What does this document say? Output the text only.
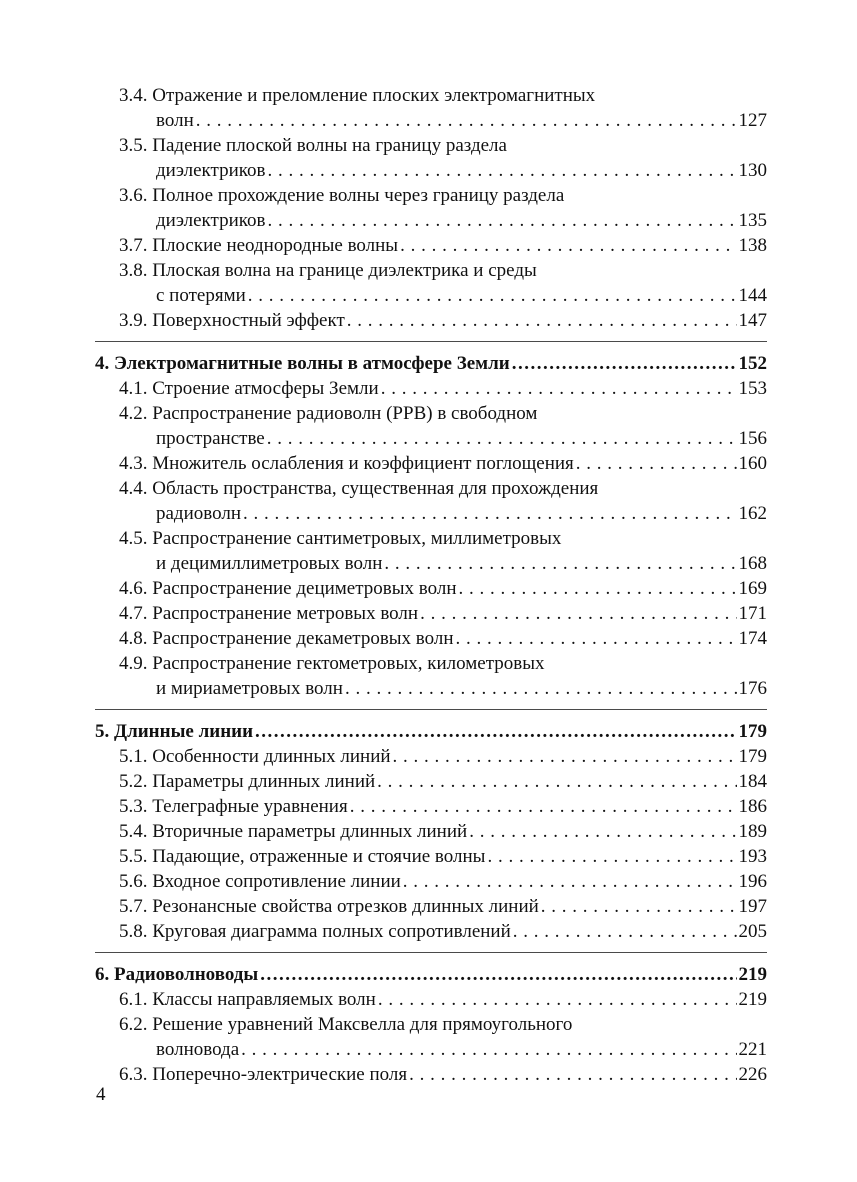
3.4. Отражение и преломление плоских электромагнитных
волн . . .	127
3.5. Падение плоской волны на границу раздела
диэлектриков . . .	130
3.6. Полное прохождение волны через границу раздела
диэлектриков . . .	135
3.7. Плоские неоднородные волны . . .	138
3.8. Плоская волна на границе диэлектрика и среды
с потерями . . .	144
3.9. Поверхностный эффект . . .	147
4. Электромагнитные волны в атмосфере Земли .....	152
4.1. Строение атмосферы Земли . . .	153
4.2. Распространение радиоволн (РРВ) в свободном
пространстве . . .	156
4.3. Множитель ослабления и коэффициент поглощения . . .	160
4.4. Область пространства, существенная для прохождения
радиоволн . . .	162
4.5. Распространение сантиметровых, миллиметровых
и децимиллиметровых волн . . .	168
4.6. Распространение дециметровых волн . . .	169
4.7. Распространение метровых волн . . .	171
4.8. Распространение декаметровых волн . . .	174
4.9. Распространение гектометровых, километровых
и мириаметровых волн . . .	176
5. Длинные линии .....	179
5.1. Особенности длинных линий . . .	179
5.2. Параметры длинных линий . . .	184
5.3. Телеграфные уравнения . . .	186
5.4. Вторичные параметры длинных линий . . .	189
5.5. Падающие, отраженные и стоячие волны . . .	193
5.6. Входное сопротивление линии . . .	196
5.7. Резонансные свойства отрезков длинных линий . . .	197
5.8. Круговая диаграмма полных сопротивлений . . .	205
6. Радиоволноводы .....	219
6.1. Классы направляемых волн . . .	219
6.2. Решение уравнений Максвелла для прямоугольного
волновода . . .	221
6.3. Поперечно-электрические поля . . .	226
4
